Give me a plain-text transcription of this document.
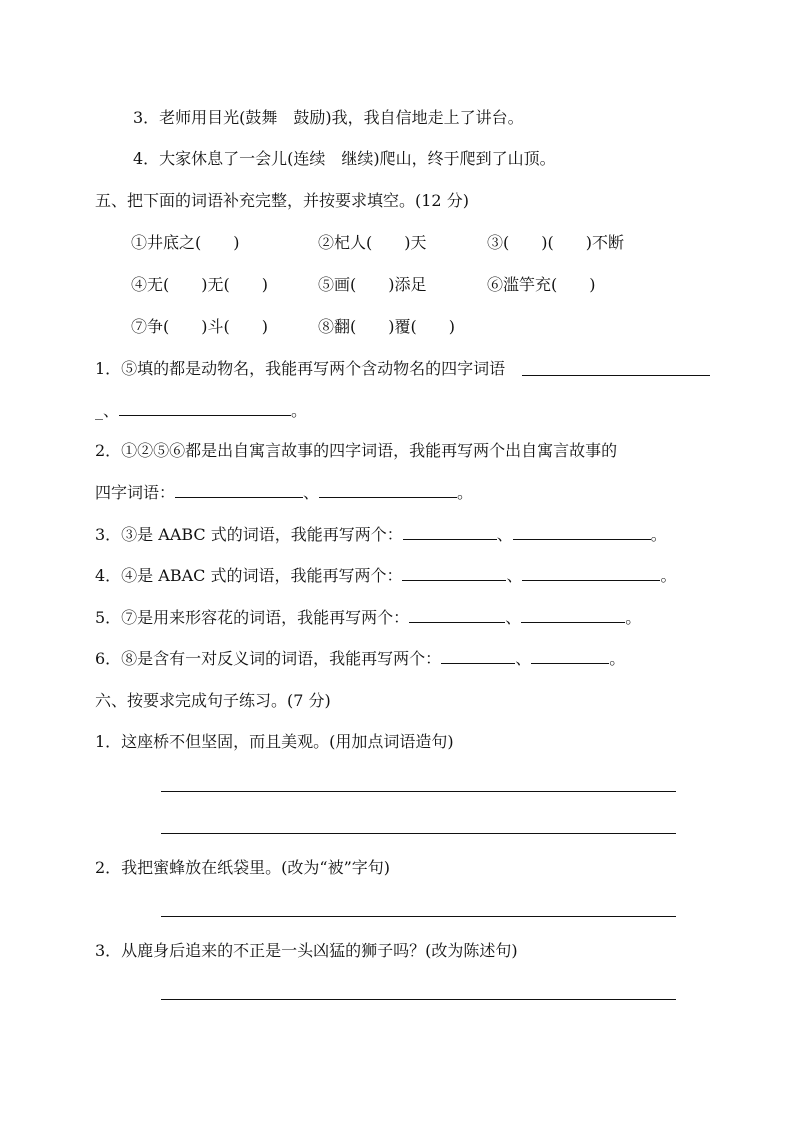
3．老师用目光(鼓舞　鼓励)我，我自信地走上了讲台。
4．大家休息了一会儿(连续　继续)爬山，终于爬到了山顶。
五、把下面的词语补充完整，并按要求填空。(12 分)
①井底之(　　)	②杞人(　　)天	③(　　)(　　)不断
④无(　　)无(　　)	⑤画(　　)添足	⑥滥竽充(　　)
⑦争(　　)斗(　　)	⑧翻(　　)覆(　　)
1．⑤填的都是动物名，我能再写两个含动物名的四字词语
_、	。
2．①②⑤⑥都是出自寓言故事的四字词语，我能再写两个出自寓言故事的
四字词语：	、	。
3．③是 AABC 式的词语，我能再写两个：	、	。
4．④是 ABAC 式的词语，我能再写两个：	、	。
5．⑦是用来形容花的词语，我能再写两个：	、	。
6．⑧是含有一对反义词的词语，我能再写两个：	、	。
六、按要求完成句子练习。(7 分)
1．这座桥不但坚固，而且美观。(用加点词语造句)
2．我把蜜蜂放在纸袋里。(改为“被”字句)
3．从鹿身后追来的不正是一头凶猛的狮子吗？(改为陈述句)
